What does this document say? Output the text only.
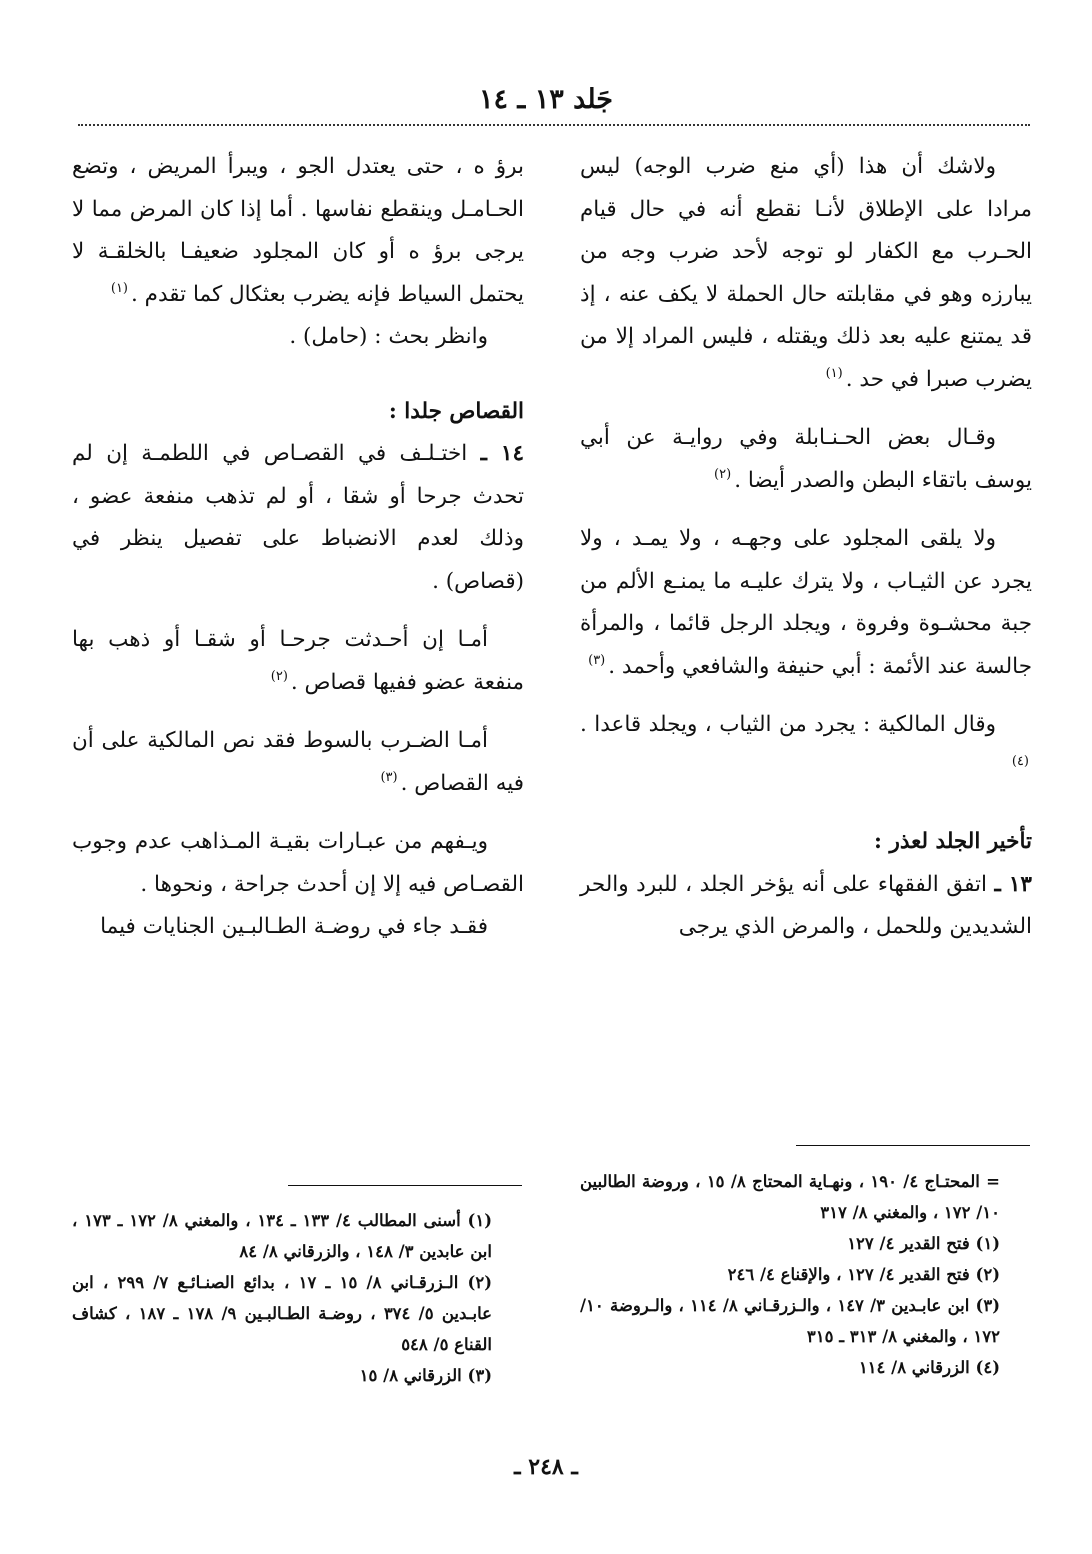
جَلد ١٣ ـ ١٤

ولاشك أن هذا (أي منع ضرب الوجه) ليس مرادا على الإطلاق لأنـا نقطع أنه في حال قيام الحـرب مع الكفار لو توجه لأحد ضرب وجه من يبارزه وهو في مقابلته حال الحملة لا يكف عنه ، إذ قد يمتنع عليه بعد ذلك ويقتله ، فليس المراد إلا من يضرب صبرا في حد .$^{(١)}$

وقـال بعض الحـنـابلة وفي روايـة عن أبي يوسف باتقاء البطن والصدر أيضا .$^{(٢)}$

ولا يلقى المجلود على وجهـه ، ولا يمـد ، ولا يجرد عن الثيـاب ، ولا يترك عليـه ما يمنـع الألم من جبة محشـوة وفروة ، ويجلد الرجل قائما ، والمرأة جالسة عند الأئمة : أبي حنيفة والشافعي وأحمد .$^{(٣)}$

وقال المالكية : يجرد من الثياب ، ويجلد قاعدا .$^{(٤)}$

تأخير الجلد لعذر :

١٣ ـ اتفق الفقهاء على أنه يؤخر الجلد ، للبرد والحر الشديدين وللحمل ، والمرض الذي يرجى

برؤ ه ، حتى يعتدل الجو ، ويبرأ المريض ، وتضع الحـامـل وينقطع نفاسها . أما إذا كان المرض مما لا يرجى برؤ ه أو كان المجلود ضعيفـا بالخلقـة لا يحتمل السياط فإنه يضرب بعثكال كما تقدم .$^{(١)}$

وانظر بحث : (حامل) .

القصاص جلدا :

١٤ ـ اختـلـف في القصـاص في اللطمـة إن لم تحدث جرحا أو شقا ، أو لم تذهب منفعة عضو ، وذلك لعدم الانضباط على تفصيل ينظر في (قصاص) .

أمـا إن أحـدثت جرحـا أو شقـا أو ذهب بها منفعة عضو ففيها قصاص .$^{(٢)}$

أمـا الضـرب بالسوط فقد نص المالكية على أن فيه القصاص .$^{(٣)}$

ويـفهم من عبـارات بقيـة المـذاهب عدم وجوب القصـاص فيه إلا إن أحدث جراحة ، ونحوها .

فقـد جاء في روضـة الطـالبـين الجنايات فيما

= المحتـاج ٤/ ١٩٠ ، ونهـاية المحتاج ٨/ ١٥ ، وروضة الطالبين ١٠/ ١٧٢ ، والمغني ٨/ ٣١٧

(١) فتح القدير ٤/ ١٢٧

(٢) فتح القدير ٤/ ١٢٧ ، والإقناع ٤/ ٢٤٦

(٣) ابن عابـدين ٣/ ١٤٧ ، والـزرقـاني ٨/ ١١٤ ، والـروضة ١٠/ ١٧٢ ، والمغني ٨/ ٣١٣ ـ ٣١٥

(٤) الزرقاني ٨/ ١١٤

(١) أسنى المطالب ٤/ ١٣٣ ـ ١٣٤ ، والمغني ٨/ ١٧٢ ـ ١٧٣ ، ابن عابدين ٣/ ١٤٨ ، والزرقاني ٨/ ٨٤

(٢) الـزرقـاني ٨/ ١٥ ـ ١٧ ، بدائع الصنـائـع ٧/ ٢٩٩ ، ابن عابـدين ٥/ ٣٧٤ ، روضـة الطـالبـين ٩/ ١٧٨ ـ ١٨٧ ، كشاف القناع ٥/ ٥٤٨

(٣) الزرقاني ٨/ ١٥

ـ ٢٤٨ ـ
